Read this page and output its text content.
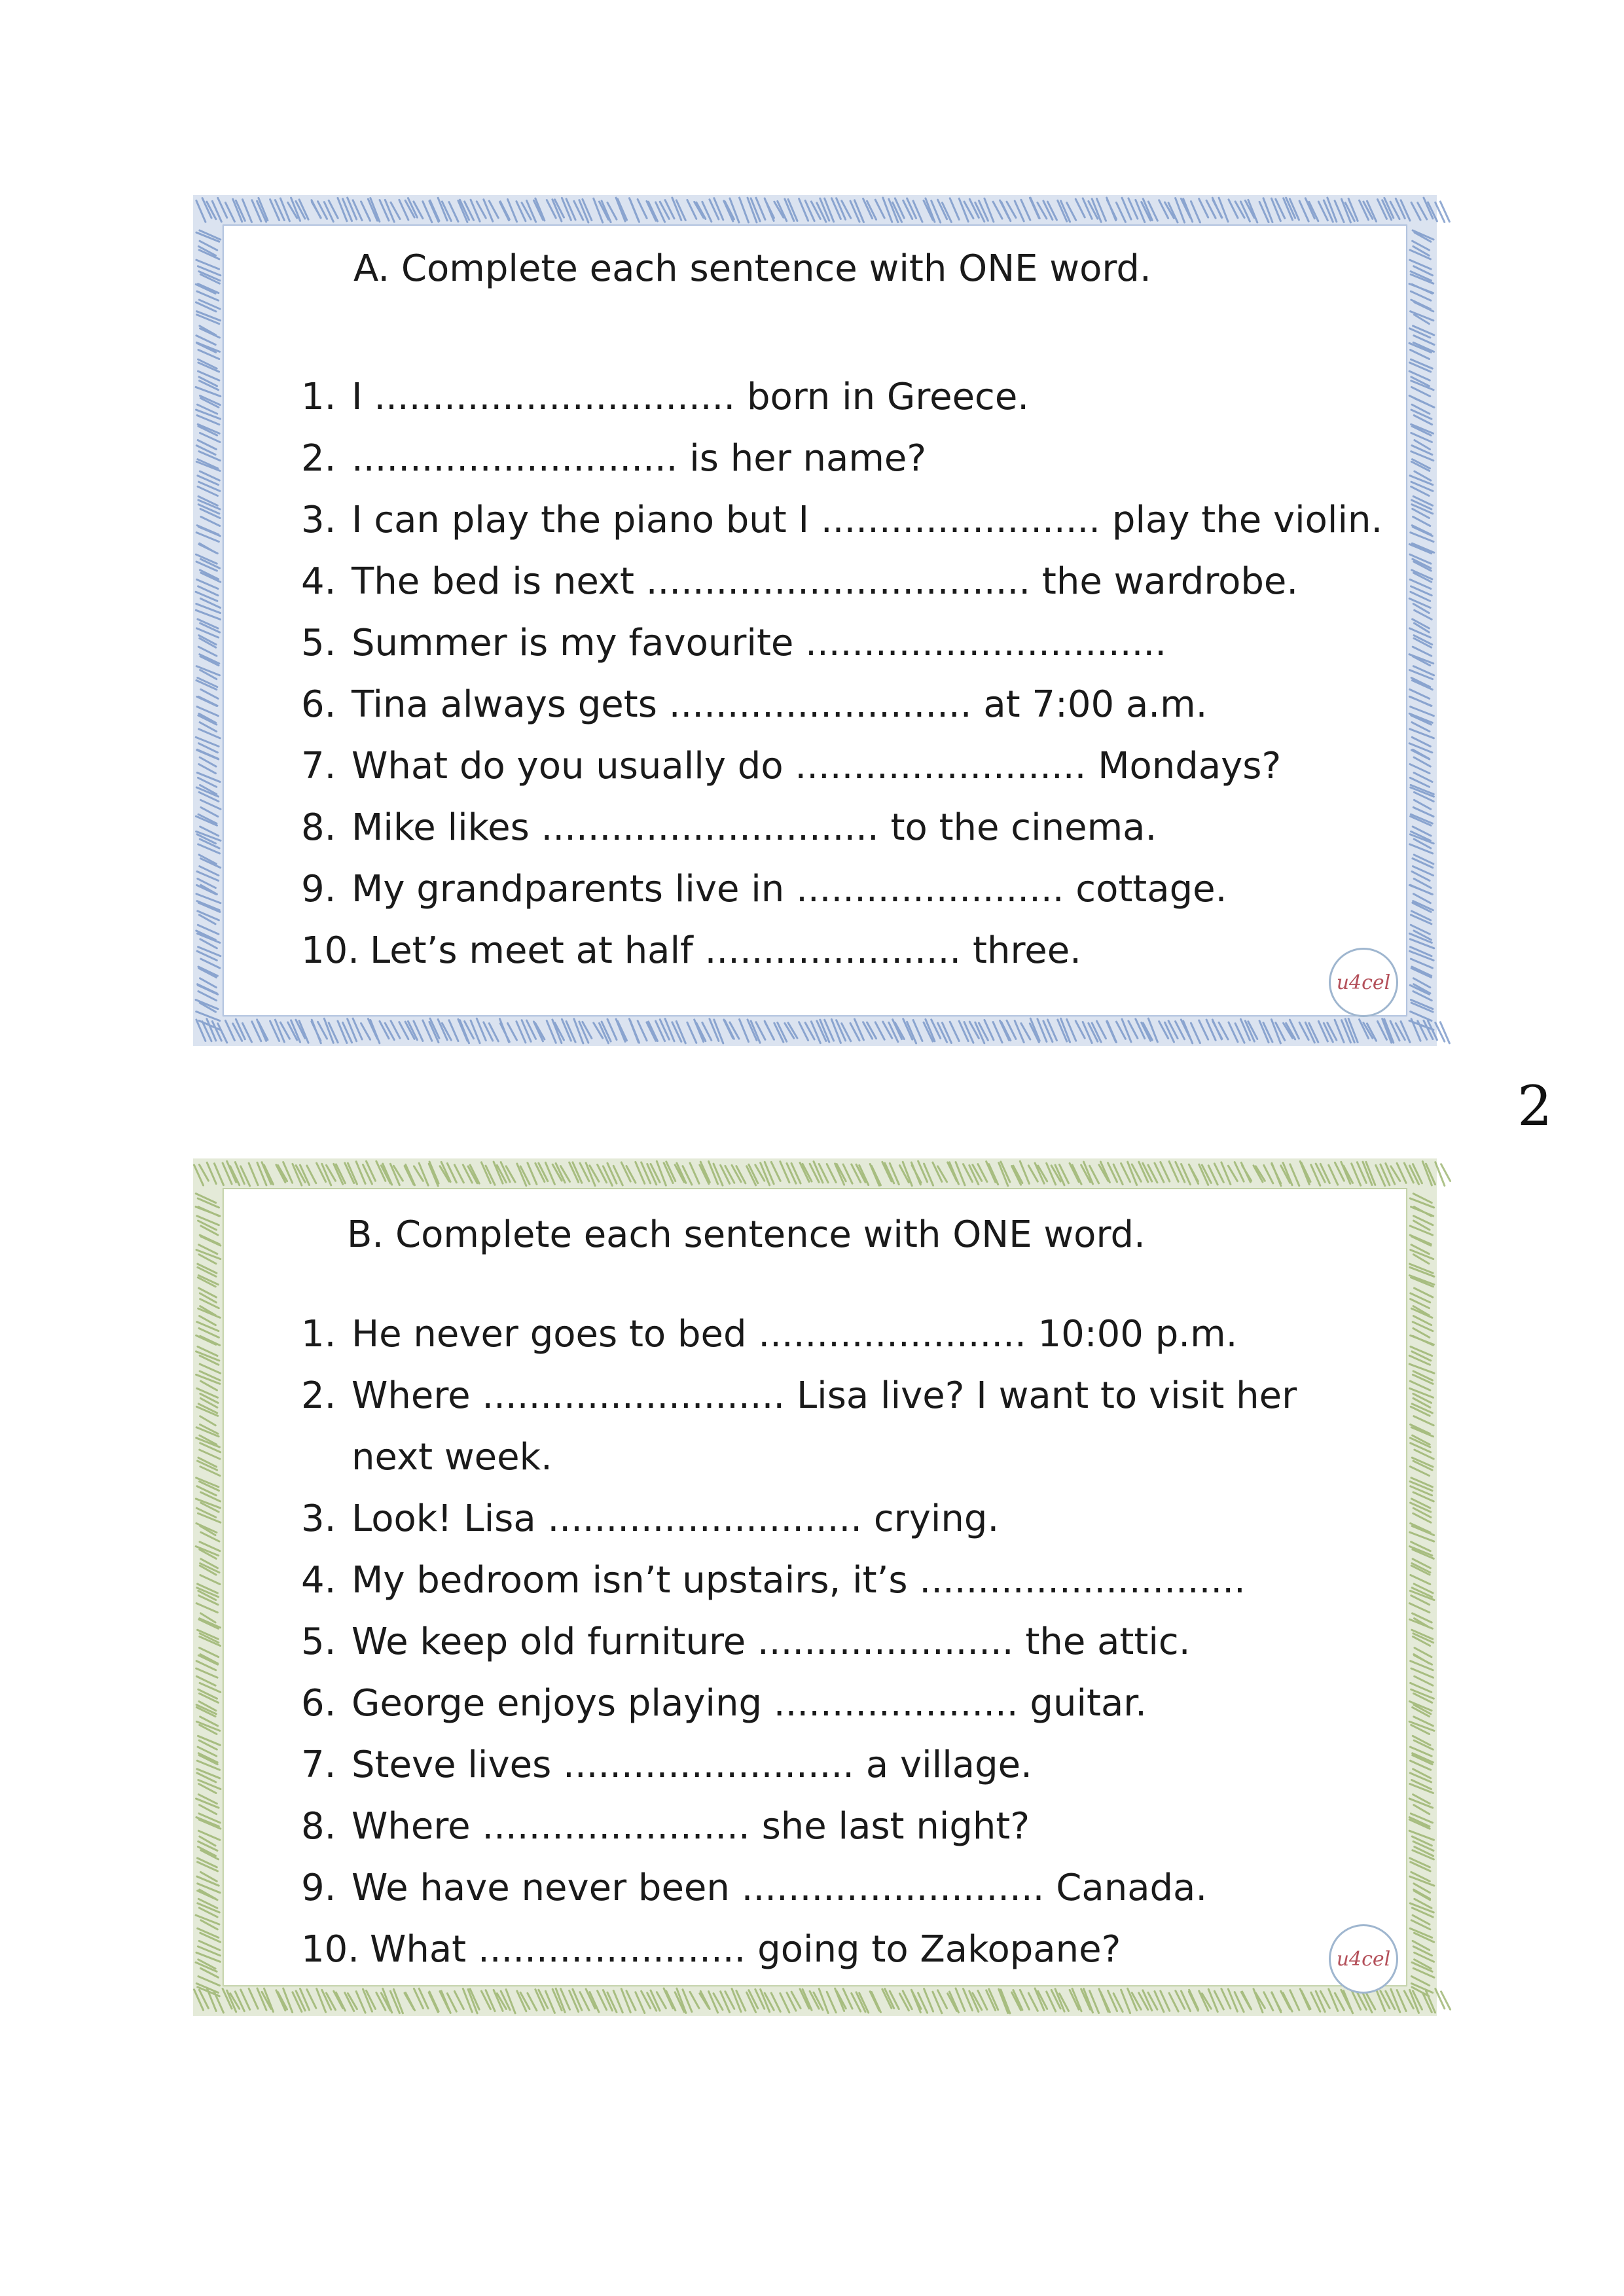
A. Complete each sentence with ONE word.
1. I ............................... born in Greece.
2. ............................ is her name?
3. I can play the piano but I ........................ play the violin.
4. The bed is next ................................. the wardrobe.
5. Summer is my favourite ...............................
6. Tina always gets .......................... at 7:00 a.m.
7. What do you usually do ......................... Mondays?
8. Mike likes ............................. to the cinema.
9. My grandparents live in ....................... cottage.
10. Let’s meet at half ...................... three.
u4cel
2
B. Complete each sentence with ONE word.
1. He never goes to bed ....................... 10:00 p.m.
2. Where .......................... Lisa live? I want to visit her next week.
3. Look! Lisa ........................... crying.
4. My bedroom isn’t upstairs, it’s ............................
5. We keep old furniture ...................... the attic.
6. George enjoys playing ..................... guitar.
7. Steve lives ......................... a village.
8. Where ....................... she last night?
9. We have never been .......................... Canada.
10. What ....................... going to Zakopane?	u4cel
